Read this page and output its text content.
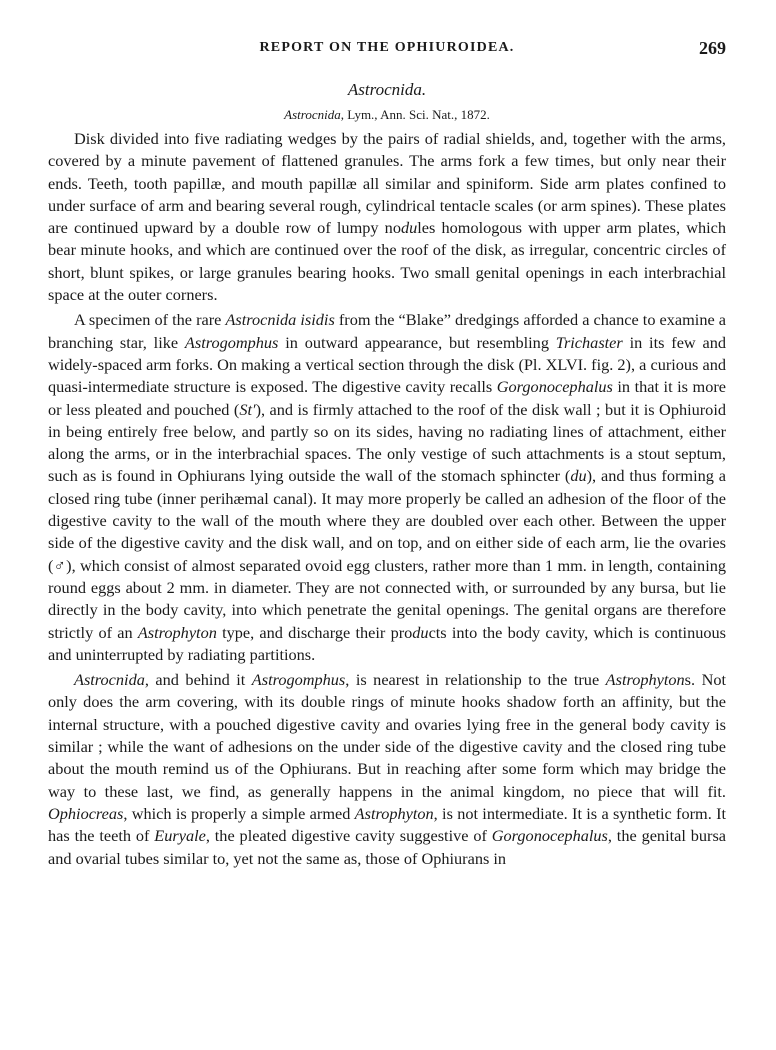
REPORT ON THE OPHIUROIDEA.	269
Astrocnida.
Astrocnida, Lym., Ann. Sci. Nat., 1872.

Disk divided into five radiating wedges by the pairs of radial shields, and, together with the arms, covered by a minute pavement of flattened granules. The arms fork a few times, but only near their ends. Teeth, tooth papillæ, and mouth papillæ all similar and spiniform. Side arm plates confined to under surface of arm and bearing several rough, cylindrical tentacle scales (or arm spines). These plates are continued upward by a double row of lumpy nodules homologous with upper arm plates, which bear minute hooks, and which are continued over the roof of the disk, as irregular, concentric circles of short, blunt spikes, or large granules bearing hooks. Two small genital openings in each interbrachial space at the outer corners.

A specimen of the rare Astrocnida isidis from the “Blake” dredgings afforded a chance to examine a branching star, like Astrogomphus in outward appearance, but resembling Trichaster in its few and widely-spaced arm forks. On making a vertical section through the disk (Pl. XLVI. fig. 2), a curious and quasi-intermediate structure is exposed. The digestive cavity recalls Gorgonocephalus in that it is more or less pleated and pouched (St′), and is firmly attached to the roof of the disk wall ; but it is Ophiuroid in being entirely free below, and partly so on its sides, having no radiating lines of attachment, either along the arms, or in the interbrachial spaces. The only vestige of such attachments is a stout septum, such as is found in Ophiurans lying outside the wall of the stomach sphincter (du), and thus forming a closed ring tube (inner perihæmal canal). It may more properly be called an adhesion of the floor of the digestive cavity to the wall of the mouth where they are doubled over each other. Between the upper side of the digestive cavity and the disk wall, and on top, and on either side of each arm, lie the ovaries (♂), which consist of almost separated ovoid egg clusters, rather more than 1 mm. in length, containing round eggs about 2 mm. in diameter. They are not connected with, or surrounded by any bursa, but lie directly in the body cavity, into which penetrate the genital openings. The genital organs are therefore strictly of an Astrophyton type, and discharge their products into the body cavity, which is continuous and uninterrupted by radiating partitions.

Astrocnida, and behind it Astrogomphus, is nearest in relationship to the true Astrophytons. Not only does the arm covering, with its double rings of minute hooks shadow forth an affinity, but the internal structure, with a pouched digestive cavity and ovaries lying free in the general body cavity is similar ; while the want of adhesions on the under side of the digestive cavity and the closed ring tube about the mouth remind us of the Ophiurans. But in reaching after some form which may bridge the way to these last, we find, as generally happens in the animal kingdom, no piece that will fit. Ophiocreas, which is properly a simple armed Astrophyton, is not intermediate. It is a synthetic form. It has the teeth of Euryale, the pleated digestive cavity suggestive of Gorgonocephalus, the genital bursa and ovarial tubes similar to, yet not the same as, those of Ophiurans in
